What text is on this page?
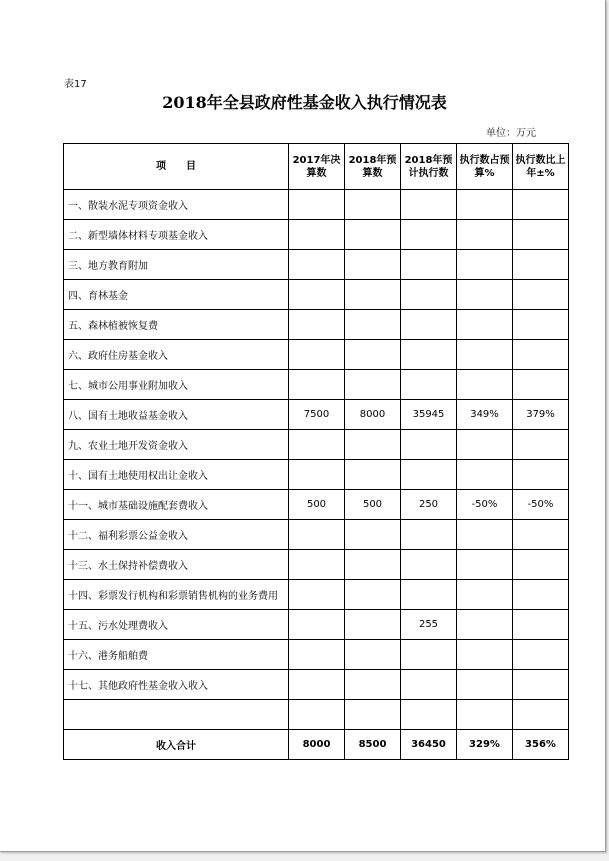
表17
2018年全县政府性基金收入执行情况表
单位：万元
项　　目	2017年决算数	2018年预算数	2018年预计执行数	执行数占预算%	执行数比上年±%
一、散装水泥专项资金收入					
二、新型墙体材料专项基金收入					
三、地方教育附加					
四、育林基金					
五、森林植被恢复费					
六、政府住房基金收入					
七、城市公用事业附加收入					
八、国有土地收益基金收入	7500	8000	35945	349%	379%
九、农业土地开发资金收入					
十、国有土地使用权出让金收入					
十一、城市基础设施配套费收入	500	500	250	-50%	-50%
十二、福利彩票公益金收入					
十三、水土保持补偿费收入					
十四、彩票发行机构和彩票销售机构的业务费用					
十五、污水处理费收入			255		
十六、港务船舶费					
十七、其他政府性基金收入收入					

收入合计	8000	8500	36450	329%	356%
